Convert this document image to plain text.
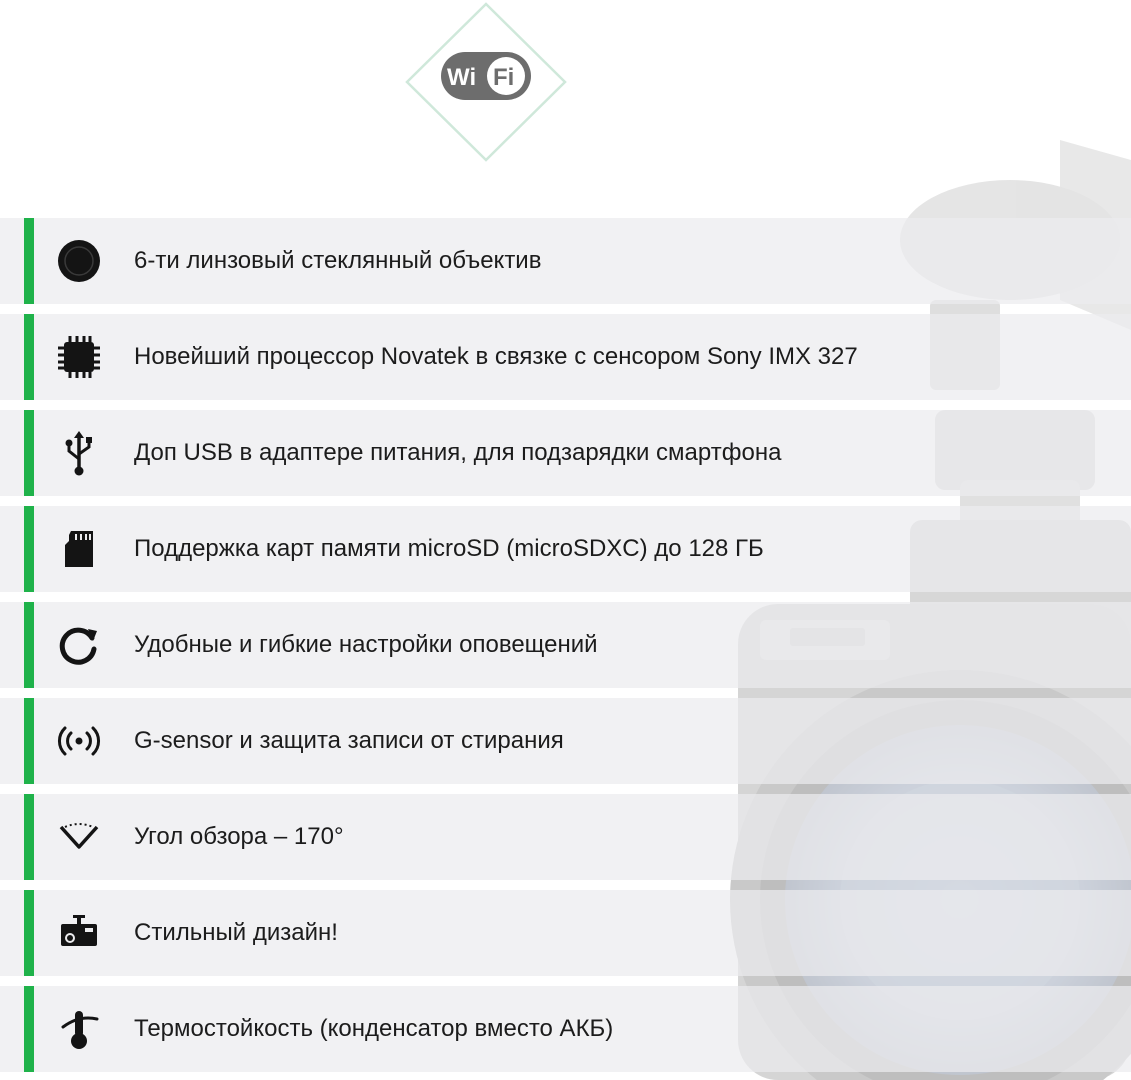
Wi Fi
6-ти линзовый стеклянный объектив
Новейший процессор Novatek в связке с сенсором Sony IMX 327
Доп USB в адаптере питания, для подзарядки смартфона
Поддержка карт памяти microSD (microSDXC) до 128 ГБ
Удобные и гибкие настройки оповещений
G-sensor и защита записи от стирания
Угол обзора – 170°
Стильный дизайн!
Термостойкость (конденсатор вместо АКБ)
